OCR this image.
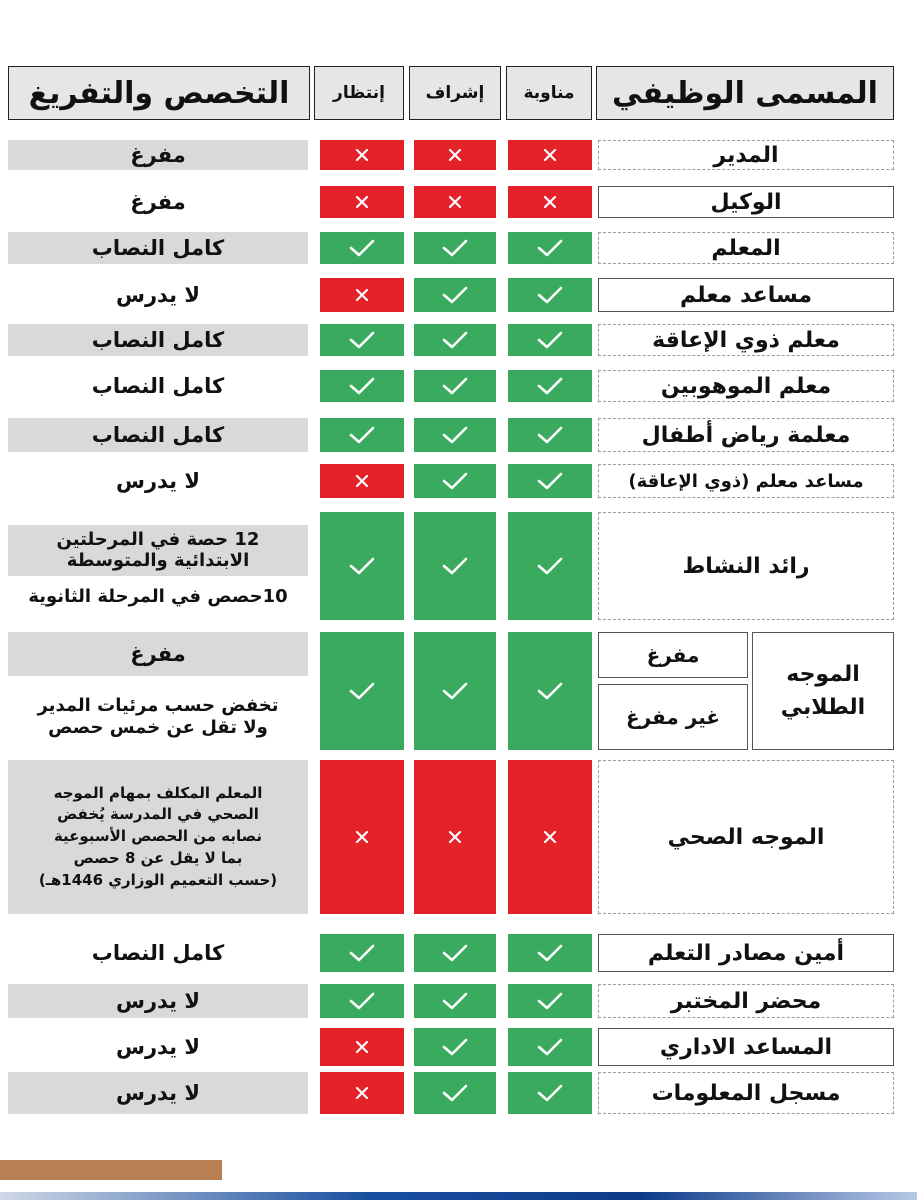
المسمى الوظيفي
مناوبة
إشراف
إنتظار
التخصص والتفريغ
المدير
مفرغ
الوكيل
مفرغ
المعلم
كامل النصاب
مساعد معلم
لا يدرس
معلم ذوي الإعاقة
كامل النصاب
معلم الموهوبين
كامل النصاب
معلمة رياض أطفال
كامل النصاب
مساعد معلم (ذوي الإعاقة)
لا يدرس
رائد النشاط
12 حصة في المرحلتين
الابتدائية والمتوسطة
10حصص في المرحلة الثانوية
الموجه
الطلابي
مفرغ
غير مفرغ
مفرغ
تخفض حسب مرئيات المدير
ولا تقل عن خمس حصص
الموجه الصحي
المعلم المكلف بمهام الموجه
الصحي في المدرسة يُخفض
نصابه من الحصص الأسبوعية
بما لا يقل عن 8 حصص
(حسب التعميم الوزاري 1446هـ)
أمين مصادر التعلم
كامل النصاب
محضر المختبر
لا يدرس
المساعد الاداري
لا يدرس
مسجل المعلومات
لا يدرس
